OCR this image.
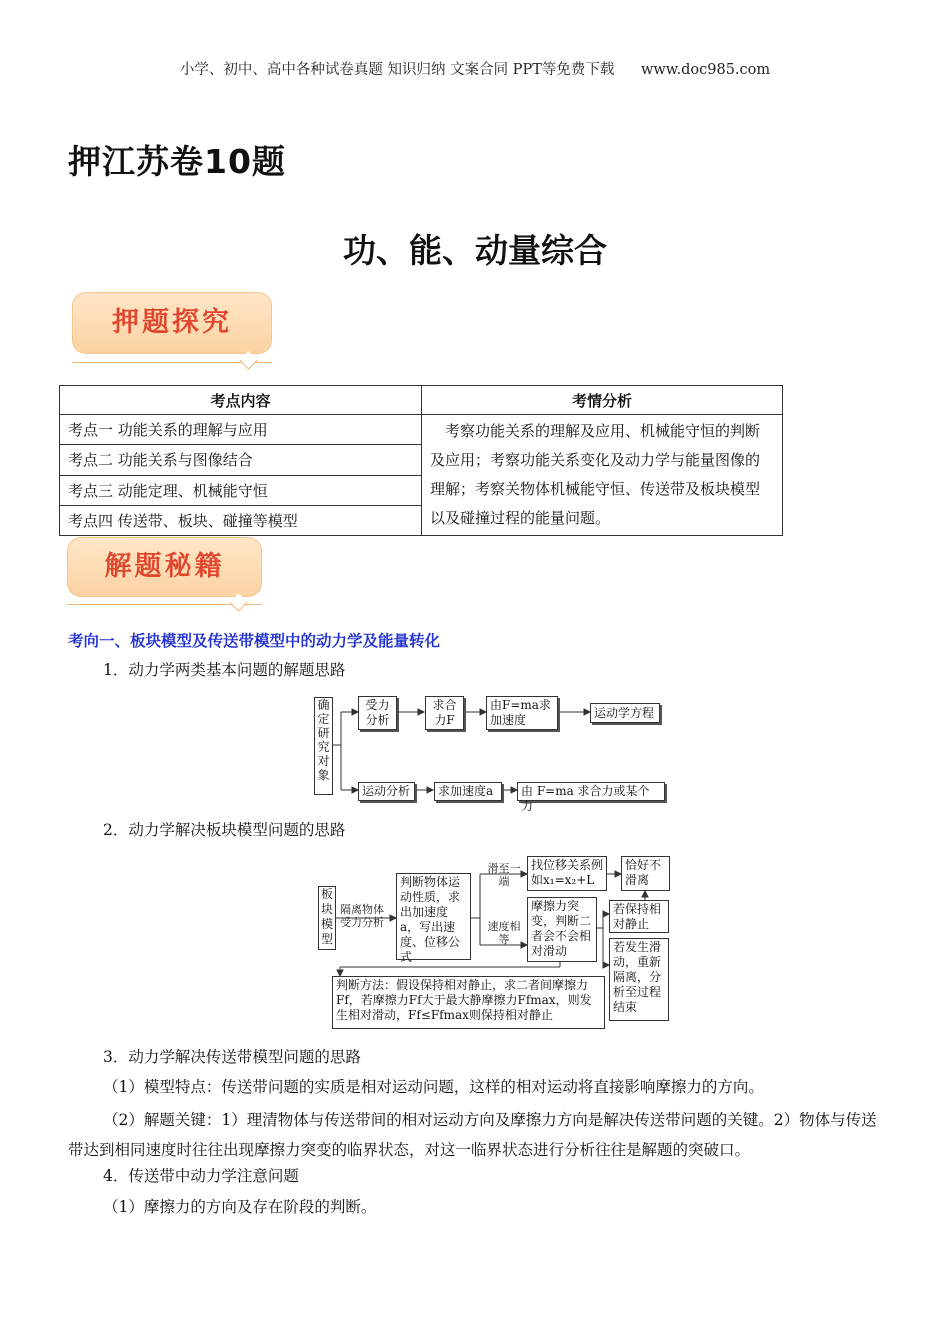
小学、初中、高中各种试卷真题 知识归纳 文案合同 PPT等免费下载 www.doc985.com
押江苏卷10题
功、能、动量综合
押题探究
考点内容	考情分析
考点一 功能关系的理解与应用	考察功能关系的理解及应用、机械能守恒的判断及应用；考察功能关系变化及动力学与能量图像的理解；考察关物体机械能守恒、传送带及板块模型以及碰撞过程的能量问题。
考点二 功能关系与图像结合	
考点三 动能定理、机械能守恒	
考点四 传送带、板块、碰撞等模型	
解题秘籍
考向一、板块模型及传送带模型中的动力学及能量转化
1．动力学两类基本问题的解题思路
确定研究对象
受力分析
求合力F
由F=ma求加速度	运动学方程
运动分析	求加速度a	由 F=ma 求合力或某个力
2．动力学解决板块模型问题的思路
板块模型
隔离物体受力分析
判断物体运动性质，求出加速度a，写出速度、位移公式
滑至一端
速度相等
找位移关系例如x₁=x₂+L
恰好不滑离
摩擦力突变，判断二者会不会相对滑动
若保持相对静止
若发生滑动，重新隔离，分析至过程结束
判断方法：假设保持相对静止，求二者间摩擦力Ff，若摩擦力Ff大于最大静摩擦力Ffmax，则发生相对滑动，Ff≤Ffmax则保持相对静止
3．动力学解决传送带模型问题的思路
（1）模型特点：传送带问题的实质是相对运动问题，这样的相对运动将直接影响摩擦力的方向。
（2）解题关键：1）理清物体与传送带间的相对运动方向及摩擦力方向是解决传送带问题的关键。2）物体与传送带达到相同速度时往往出现摩擦力突变的临界状态，对这一临界状态进行分析往往是解题的突破口。
4．传送带中动力学注意问题
（1）摩擦力的方向及存在阶段的判断。
